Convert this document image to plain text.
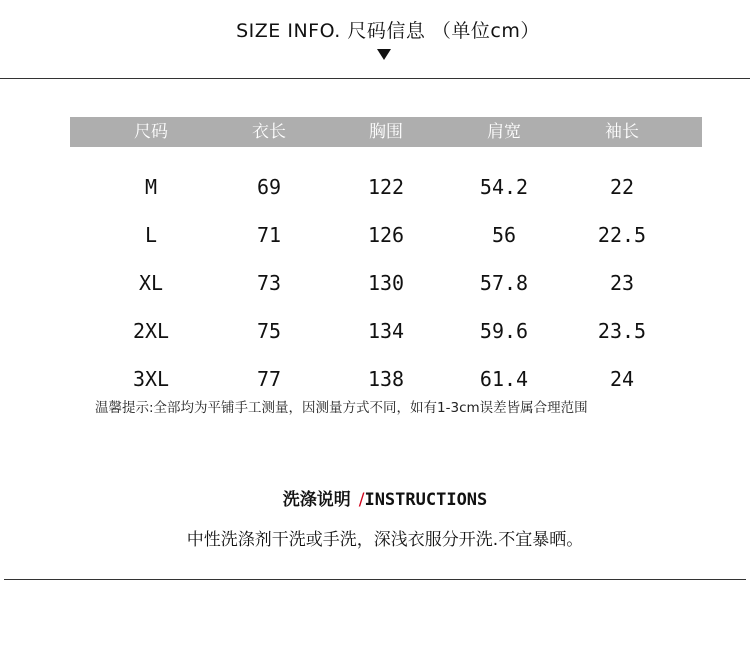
SIZE INFO. 尺码信息 （单位cm）
尺码	衣长	胸围	肩宽	袖长
M	69	122	54.2	22
L	71	126	56	22.5
XL	73	130	57.8	23
2XL	75	134	59.6	23.5
3XL	77	138	61.4	24
温馨提示:全部均为平铺手工测量，因测量方式不同，如有1-3cm误差皆属合理范围
洗涤说明 /INSTRUCTIONS
中性洗涤剂干洗或手洗，深浅衣服分开洗.不宜暴晒。
